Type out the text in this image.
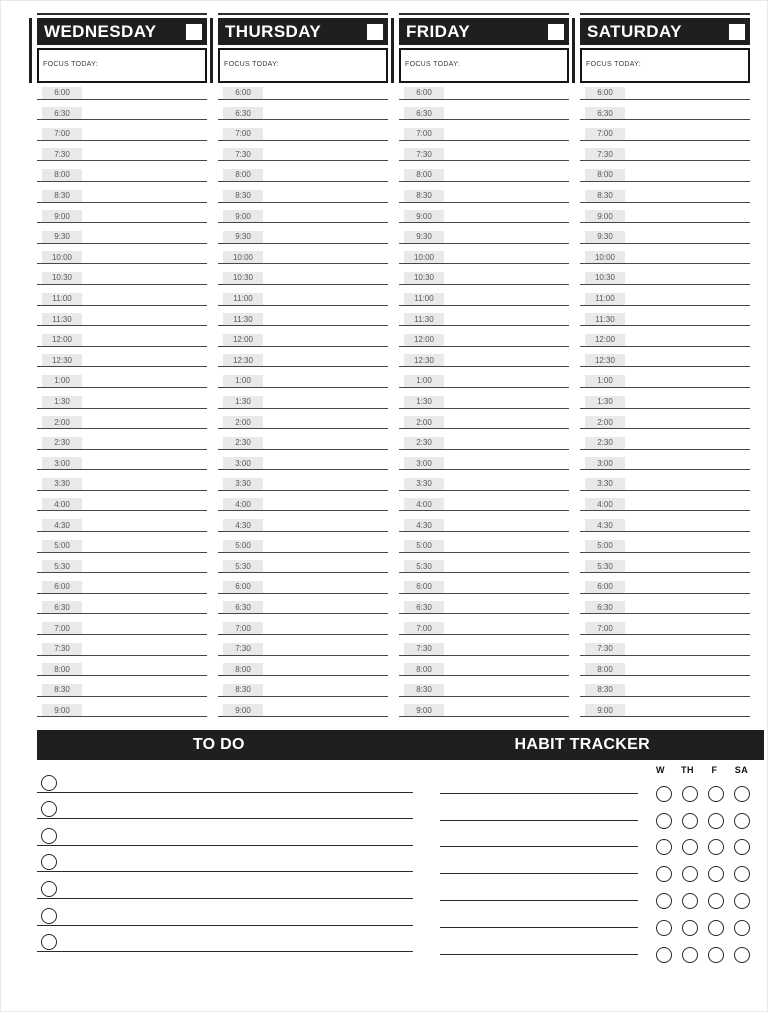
WEDNESDAY
FOCUS TODAY:
6:00
6:30
7:00
7:30
8:00
8:30
9:00
9:30
10:00
10:30
11:00
11:30
12:00
12:30
1:00
1:30
2:00
2:30
3:00
3:30
4:00
4:30
5:00
5:30
6:00
6:30
7:00
7:30
8:00
8:30
9:00
THURSDAY
FOCUS TODAY:
6:00
6:30
7:00
7:30
8:00
8:30
9:00
9:30
10:00
10:30
11:00
11:30
12:00
12:30
1:00
1:30
2:00
2:30
3:00
3:30
4:00
4:30
5:00
5:30
6:00
6:30
7:00
7:30
8:00
8:30
9:00
FRIDAY
FOCUS TODAY:
6:00
6:30
7:00
7:30
8:00
8:30
9:00
9:30
10:00
10:30
11:00
11:30
12:00
12:30
1:00
1:30
2:00
2:30
3:00
3:30
4:00
4:30
5:00
5:30
6:00
6:30
7:00
7:30
8:00
8:30
9:00
SATURDAY
FOCUS TODAY:
6:00
6:30
7:00
7:30
8:00
8:30
9:00
9:30
10:00
10:30
11:00
11:30
12:00
12:30
1:00
1:30
2:00
2:30
3:00
3:30
4:00
4:30
5:00
5:30
6:00
6:30
7:00
7:30
8:00
8:30
9:00
TO DO	HABIT TRACKER
W	TH	F	SA
